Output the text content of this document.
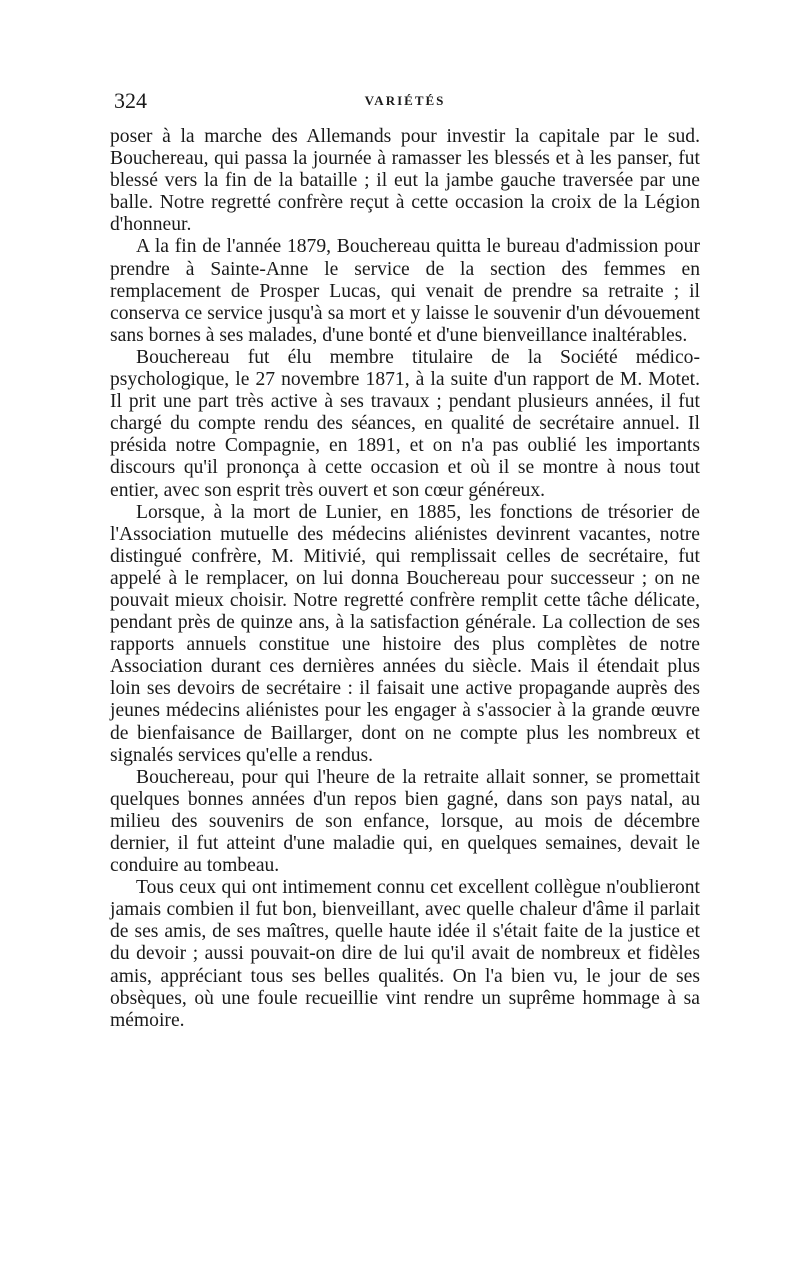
324	VARIÉTÉS

poser à la marche des Allemands pour investir la capitale par le sud. Bouchereau, qui passa la journée à ramasser les blessés et à les panser, fut blessé vers la fin de la bataille ; il eut la jambe gauche traversée par une balle. Notre regretté confrère reçut à cette occasion la croix de la Légion d'honneur.

A la fin de l'année 1879, Bouchereau quitta le bureau d'admission pour prendre à Sainte-Anne le service de la section des femmes en remplacement de Prosper Lucas, qui venait de prendre sa retraite ; il conserva ce service jusqu'à sa mort et y laisse le souvenir d'un dévouement sans bornes à ses malades, d'une bonté et d'une bienveillance inaltérables.

Bouchereau fut élu membre titulaire de la Société médico-psychologique, le 27 novembre 1871, à la suite d'un rapport de M. Motet. Il prit une part très active à ses travaux ; pendant plusieurs années, il fut chargé du compte rendu des séances, en qualité de secrétaire annuel. Il présida notre Compagnie, en 1891, et on n'a pas oublié les importants discours qu'il prononça à cette occasion et où il se montre à nous tout entier, avec son esprit très ouvert et son cœur généreux.

Lorsque, à la mort de Lunier, en 1885, les fonctions de trésorier de l'Association mutuelle des médecins aliénistes devinrent vacantes, notre distingué confrère, M. Mitivié, qui remplissait celles de secrétaire, fut appelé à le remplacer, on lui donna Bouchereau pour successeur ; on ne pouvait mieux choisir. Notre regretté confrère remplit cette tâche délicate, pendant près de quinze ans, à la satisfaction générale. La collection de ses rapports annuels constitue une histoire des plus complètes de notre Association durant ces dernières années du siècle. Mais il étendait plus loin ses devoirs de secrétaire : il faisait une active propagande auprès des jeunes médecins aliénistes pour les engager à s'associer à la grande œuvre de bienfaisance de Baillarger, dont on ne compte plus les nombreux et signalés services qu'elle a rendus.

Bouchereau, pour qui l'heure de la retraite allait sonner, se promettait quelques bonnes années d'un repos bien gagné, dans son pays natal, au milieu des souvenirs de son enfance, lorsque, au mois de décembre dernier, il fut atteint d'une maladie qui, en quelques semaines, devait le conduire au tombeau.

Tous ceux qui ont intimement connu cet excellent collègue n'oublieront jamais combien il fut bon, bienveillant, avec quelle chaleur d'âme il parlait de ses amis, de ses maîtres, quelle haute idée il s'était faite de la justice et du devoir ; aussi pouvait-on dire de lui qu'il avait de nombreux et fidèles amis, appréciant tous ses belles qualités. On l'a bien vu, le jour de ses obsèques, où une foule recueillie vint rendre un suprême hommage à sa mémoire.
